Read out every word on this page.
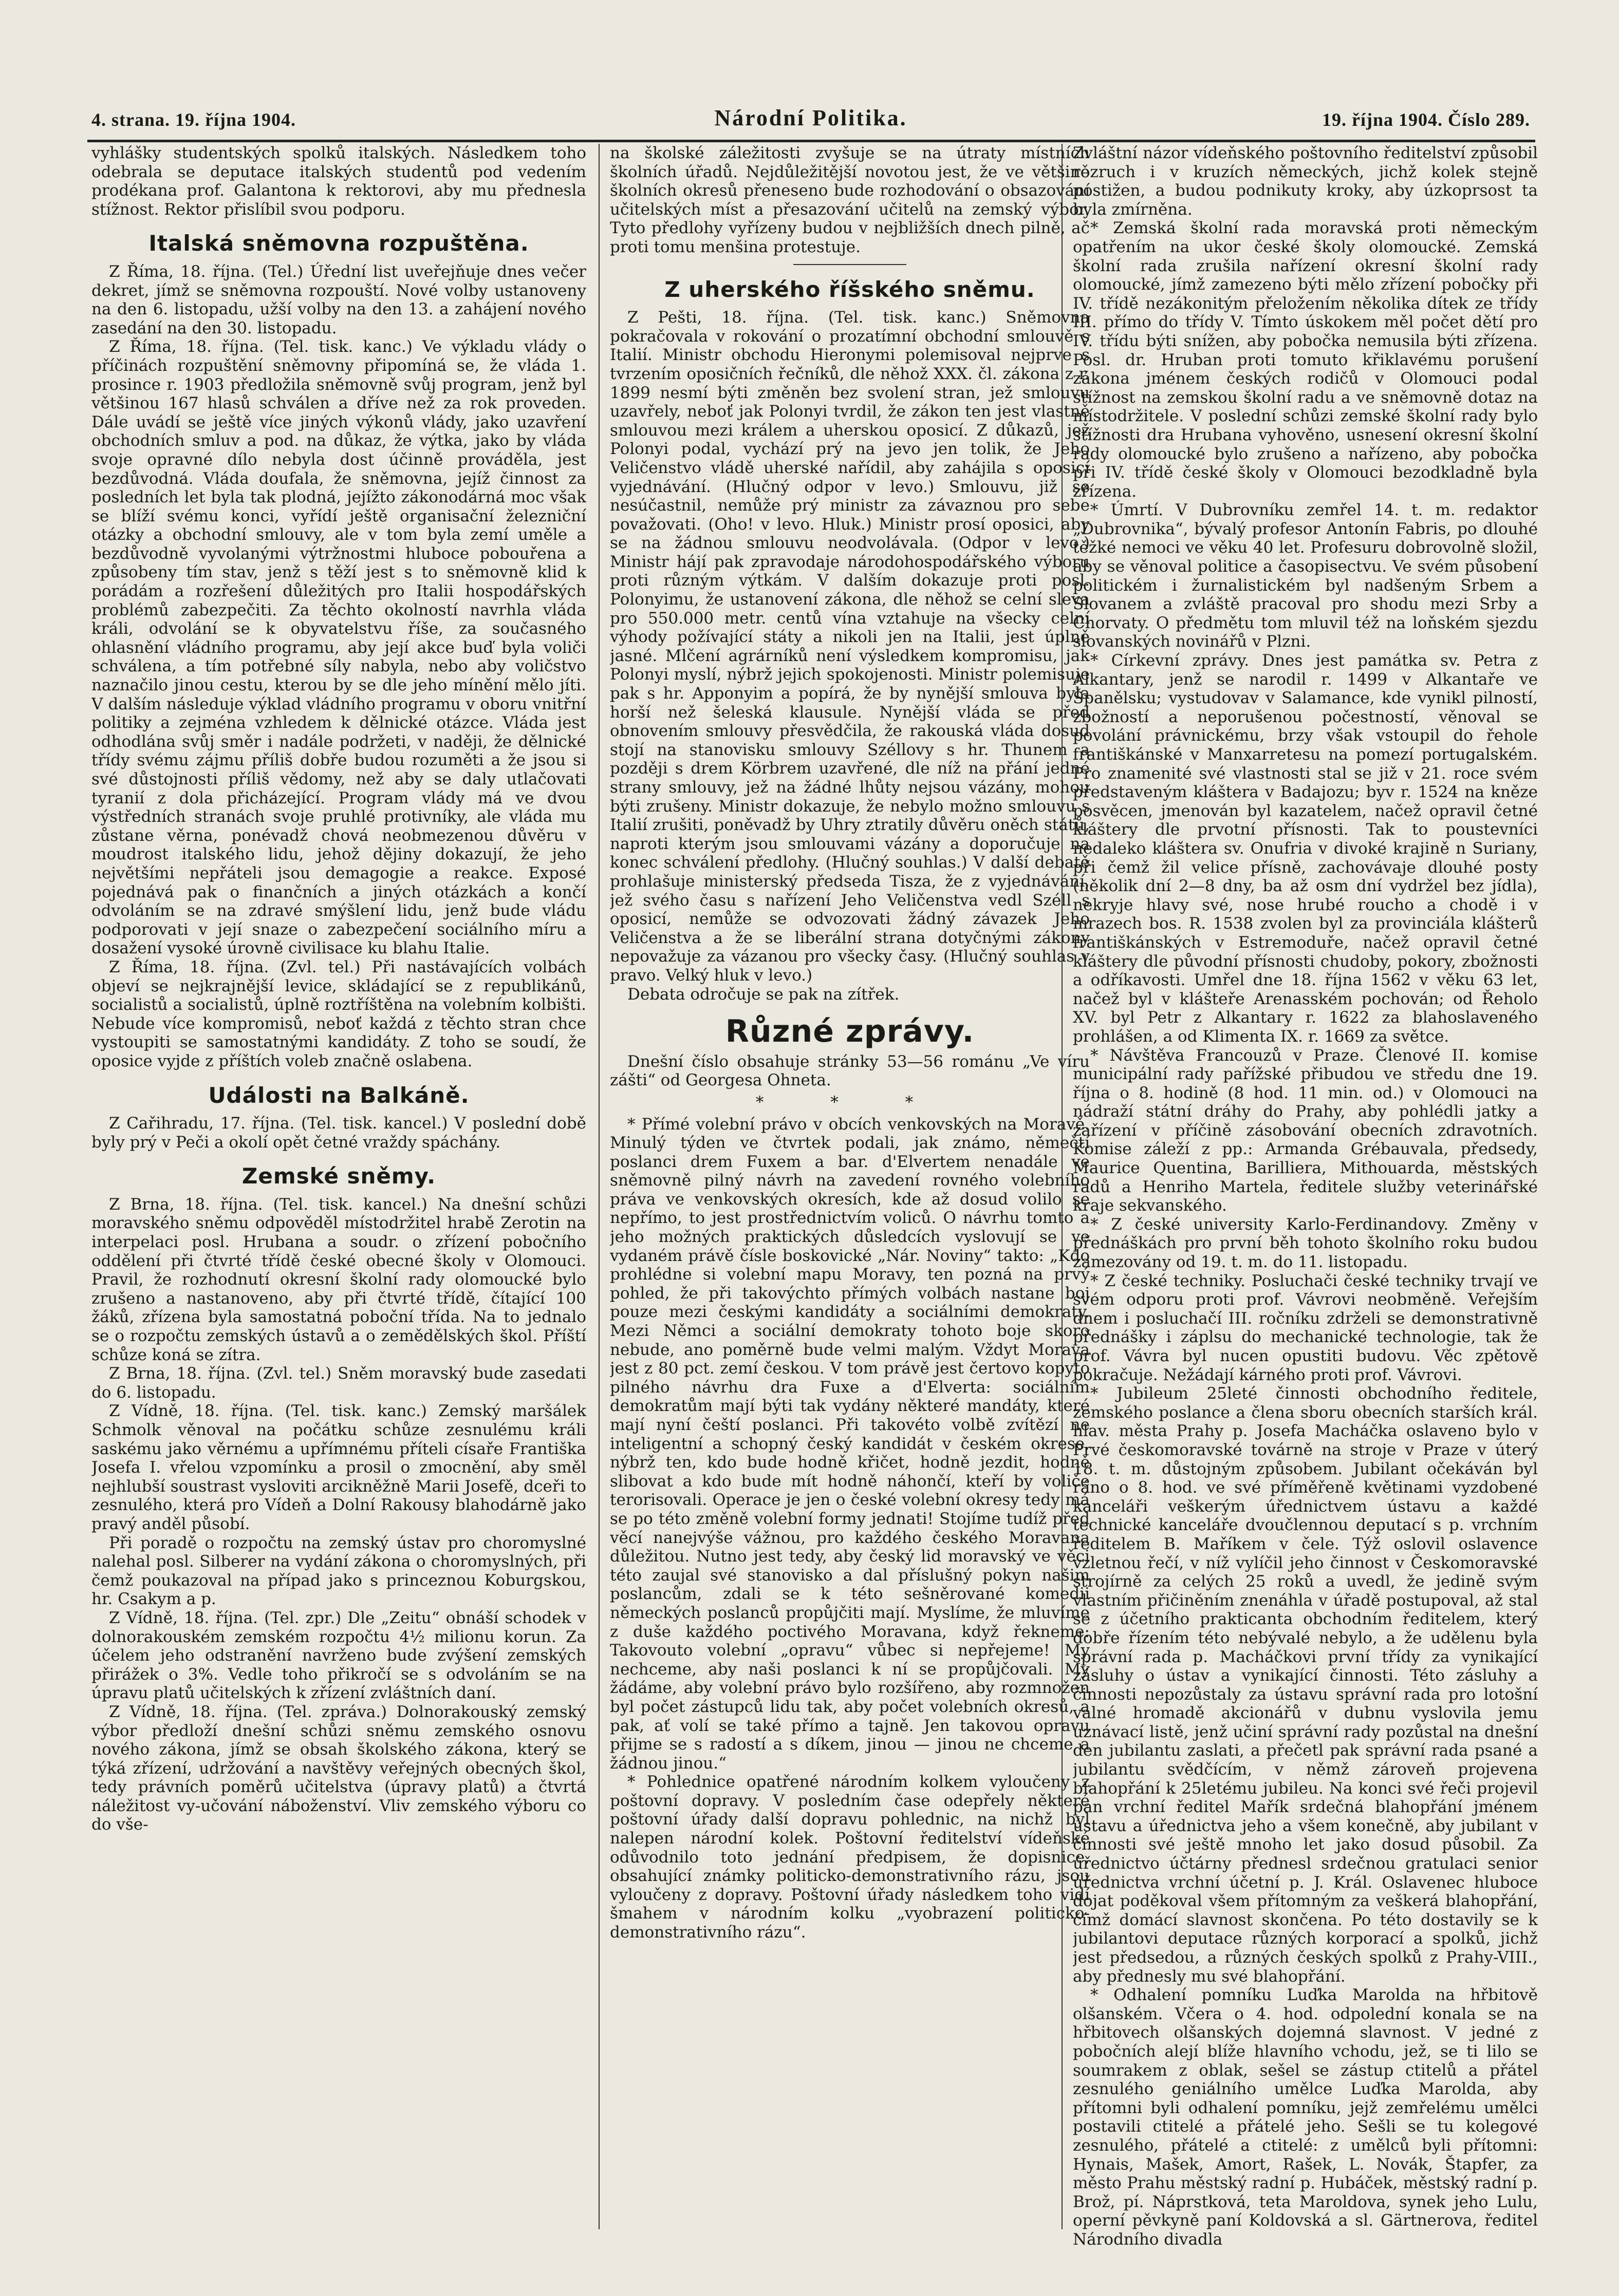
4. strana. 19. října 1904.	Národní Politika.	19. října 1904. Číslo 289.

vyhlášky studentských spolků italských. Následkem toho odebrala se deputace italských studentů pod vedením prodékana prof. Galantona k rektorovi, aby mu přednesla stížnost. Rektor přislíbil svou podporu.

Italská sněmovna rozpuštěna.

Z Říma, 18. října. (Tel.) Úřední list uveřejňuje dnes večer dekret, jímž se sněmovna rozpouští. Nové volby ustanoveny na den 6. listopadu, užší volby na den 13. a zahájení nového zasedání na den 30. listopadu.

Z Říma, 18. října. (Tel. tisk. kanc.) Ve výkladu vlády o příčinách rozpuštění sněmovny připomíná se, že vláda 1. prosince r. 1903 předložila sněmovně svůj program, jenž byl většinou 167 hlasů schválen a dříve než za rok proveden. Dále uvádí se ještě více jiných výkonů vlády, jako uzavření obchodních smluv a pod. na důkaz, že výtka, jako by vláda svoje opravné dílo nebyla dost účinně prováděla, jest bezdůvodná. Vláda doufala, že sněmovna, jejíž činnost za posledních let byla tak plodná, jejížto zákonodárná moc však se blíží svému konci, vyřídí ještě organisační železniční otázky a obchodní smlouvy, ale v tom byla zemí uměle a bezdůvodně vyvolanými výtržnostmi hluboce pobouřena a způsobeny tím stav, jenž s těží jest s to sněmovně klid k porádám a rozřešení důležitých pro Italii hospodářských problémů zabezpečiti. Za těchto okolností navrhla vláda králi, odvolání se k obyvatelstvu říše, za současného ohlasnění vládního programu, aby její akce buď byla voliči schválena, a tím potřebné síly nabyla, nebo aby voličstvo naznačilo jinou cestu, kterou by se dle jeho mínění mělo jíti. V dalším následuje výklad vládního programu v oboru vnitřní politiky a zejména vzhledem k dělnické otázce. Vláda jest odhodlána svůj směr i nadále podržeti, v naději, že dělnické třídy svému zájmu příliš dobře budou rozuměti a že jsou si své důstojnosti příliš vědomy, než aby se daly utlačovati tyranií z dola přicházející. Program vlády má ve dvou výstředních stranách svoje pruhlé protivníky, ale vláda mu zůstane věrna, ponévadž chová neobmezenou důvěru v moudrost italského lidu, jehož dějiny dokazují, že jeho největšími nepřáteli jsou demagogie a reakce. Exposé pojednává pak o finančních a jiných otázkách a končí odvoláním se na zdravé smýšlení lidu, jenž bude vládu podporovati v její snaze o zabezpečení sociálního míru a dosažení vysoké úrovně civilisace ku blahu Italie.

Z Říma, 18. října. (Zvl. tel.) Při nastávajících volbách objeví se nejkrajnější levice, skládající se z republikánů, socialistů a socialistů, úplně roztříštěna na volebním kolbišti. Nebude více kompromisů, neboť každá z těchto stran chce vystoupiti se samostatnými kandidáty. Z toho se soudí, že oposice vyjde z příštích voleb značně oslabena.

Události na Balkáně.

Z Cařihradu, 17. října. (Tel. tisk. kancel.) V poslední době byly prý v Peči a okolí opět četné vraždy spáchány.

Zemské sněmy.

Z Brna, 18. října. (Tel. tisk. kancel.) Na dnešní schůzi moravského sněmu odpověděl místodržitel hrabě Zerotin na interpelaci posl. Hrubana a soudr. o zřízení pobočního oddělení při čtvrté třídě české obecné školy v Olomouci. Pravil, že rozhodnutí okresní školní rady olomoucké bylo zrušeno a nastanoveno, aby při čtvrté třídě, čítající 100 žáků, zřízena byla samostatná poboční třída. Na to jednalo se o rozpočtu zemských ústavů a o zemědělských škol. Příští schůze koná se zítra.

Z Brna, 18. října. (Zvl. tel.) Sněm moravský bude zasedati do 6. listopadu.

Z Vídně, 18. října. (Tel. tisk. kanc.) Zemský maršálek Schmolk věnoval na počátku schůze zesnulému králi saskému jako věrnému a upřímnému příteli císaře Františka Josefa I. vřelou vzpomínku a prosil o zmocnění, aby směl nejhlubší soustrast vysloviti arcikněžně Marii Josefě, dceři to zesnulého, která pro Vídeň a Dolní Rakousy blahodárně jako pravý anděl působí.

Při poradě o rozpočtu na zemský ústav pro choromyslné nalehal posl. Silberer na vydání zákona o choromyslných, při čemž poukazoval na případ jako s princeznou Koburgskou, hr. Csakym a p.

Z Vídně, 18. října. (Tel. zpr.) Dle „Zeitu“ obnáší schodek v dolnorakouském zemském rozpočtu 4½ milionu korun. Za účelem jeho odstranění navrženo bude zvýšení zemských přirážek o 3%. Vedle toho přikročí se s odvoláním se na úpravu platů učitelských k zřízení zvláštních daní.

Z Vídně, 18. října. (Tel. zpráva.) Dolnorakouský zemský výbor předloží dnešní schůzi sněmu zemského osnovu nového zákona, jímž se obsah školského zákona, který se týká zřízení, udržování a navštěvy veřejných obecných škol, tedy právních poměrů učitelstva (úpravy platů) a čtvrtá náležitost vy-učování náboženství. Vliv zemského výboru co do vše-

na školské záležitosti zvyšuje se na útraty místních školních úřadů. Nejdůležitější novotou jest, že ve většině školních okresů přeneseno bude rozhodování o obsazování učitelských míst a přesazování učitelů na zemský výbor. Tyto předlohy vyřízeny budou v nejbližších dnech pilně, ač proti tomu menšina protestuje.

Z uherského říšského sněmu.

Z Pešti, 18. října. (Tel. tisk. kanc.) Sněmovna pokračovala v rokování o prozatímní obchodní smlouvě s Italií. Ministr obchodu Hieronymi polemisoval nejprve s tvrzením oposičních řečníků, dle něhož XXX. čl. zákona z r. 1899 nesmí býti změněn bez svolení stran, jež smlouvu uzavřely, neboť jak Polonyi tvrdil, že zákon ten jest vlastně smlouvou mezi králem a uherskou oposicí. Z důkazů, jež Polonyi podal, vychází prý na jevo jen tolik, že Jeho Veličenstvo vládě uherské nařídil, aby zahájila s oposicí vyjednávání. (Hlučný odpor v levo.) Smlouvu, již se nesúčastnil, nemůže prý ministr za závaznou pro sebe považovati. (Oho! v levo. Hluk.) Ministr prosí oposici, aby se na žádnou smlouvu neodvolávala. (Odpor v levo.) Ministr hájí pak zpravodaje národohospodářského výboru proti různým výtkám. V dalším dokazuje proti posl. Polonyimu, že ustanovení zákona, dle něhož se celní sleva pro 550.000 metr. centů vína vztahuje na všecky celní výhody požívající státy a nikoli jen na Italii, jest úplně jasné. Mlčení agrárníků není výsledkem kompromisu, jak Polonyi myslí, nýbrž jejich spokojenosti. Ministr polemisuje pak s hr. Apponyim a popírá, že by nynější smlouva byla horší než šeleská klausule. Nynější vláda se před obnovením smlouvy přesvědčila, že rakouská vláda dosud stojí na stanovisku smlouvy Széllovy s hr. Thunem a později s drem Körbrem uzavřené, dle níž na přání jedné strany smlouvy, jež na žádné lhůty nejsou vázány, mohou býti zrušeny. Ministr dokazuje, že nebylo možno smlouvu s Italií zrušiti, poněvadž by Uhry ztratily důvěru oněch států, naproti kterým jsou smlouvami vázány a doporučuje na konec schválení předlohy. (Hlučný souhlas.) V další debatě prohlašuje ministerský předseda Tisza, že z vyjednávání, jež svého času s nařízení Jeho Veličenstva vedl Széll s oposicí, nemůže se odvozovati žádný závazek Jeho Veličenstva a že se liberální strana dotyčnými zákony nepovažuje za vázanou pro všecky časy. (Hlučný souhlas v pravo. Velký hluk v levo.)

Debata odročuje se pak na zítřek.

Různé zprávy.

Dnešní číslo obsahuje stránky 53—56 románu „Ve víru zášti“ od Georgesa Ohneta.

* * *

* Přímé volební právo v obcích venkovských na Moravě. Minulý týden ve čtvrtek podali, jak známo, němečtí poslanci drem Fuxem a bar. d'Elvertem nenadále ve sněmovně pilný návrh na zavedení rovného volebního práva ve venkovských okresích, kde až dosud volilo se nepřímo, to jest prostřednictvím voliců. O návrhu tomto a jeho možných praktických důsledcích vyslovují se ve vydaném právě čísle boskovické „Nár. Noviny“ takto: „Kdo prohlédne si volební mapu Moravy, ten pozná na prvý pohled, že při takovýchto přímých volbách nastane boj pouze mezi českými kandidáty a sociálními demokraty. Mezi Němci a sociální demokraty tohoto boje skoro nebude, ano poměrně bude velmi malým. Vždyt Morava jest z 80 pct. zemí českou. V tom právě jest čertovo kopyto pilného návrhu dra Fuxe a d'Elverta: sociálním demokratům mají býti tak vydány některé mandáty, které mají nyní čeští poslanci. Při takovéto volbě zvítězí ne inteligentní a schopný český kandidát v českém okrese, nýbrž ten, kdo bude hodně křičet, hodně jezdit, hodně slibovat a kdo bude mít hodně náhončí, kteří by voliče terorisovali. Operace je jen o české volební okresy tedy má se po této změně volební formy jednati! Stojíme tudíž před věcí nanejvýše vážnou, pro každého českého Moravana důležitou. Nutno jest tedy, aby český lid moravský ve věci této zaujal své stanovisko a dal příslušný pokyn našim poslancům, zdali se k této sešněrované komedii německých poslanců propůjčiti mají. Myslíme, že mluvíme z duše každého poctivého Moravana, když řekneme: Takovouto volební „opravu“ vůbec si nepřejeme! My nechceme, aby naši poslanci k ní se propůjčovali. My žádáme, aby volební právo bylo rozšířeno, aby rozmnožen byl počet zástupců lidu tak, aby počet volebních okresů, a pak, ať volí se také přímo a tajně. Jen takovou opravu přijme se s radostí a s díkem, jinou — jinou ne chceme a žádnou jinou.“

* Pohlednice opatřené národním kolkem vyloučeny z poštovní dopravy. V posledním čase odepřely některé poštovní úřady další dopravu pohlednic, na nichž byl nalepen národní kolek. Poštovní ředitelství vídeňské odůvodnilo toto jednání předpisem, že dopisnice, obsahující známky politicko-demonstrativního rázu, jsou vyloučeny z dopravy. Poštovní úřady následkem toho vidí šmahem v národním kolku „vyobrazení politicko-demonstrativního rázu“.

Zvláštní názor vídeňského poštovního ředitelství způsobil rozruch i v kruzích německých, jichž kolek stejně postižen, a budou podnikuty kroky, aby úzkoprsost ta byla zmírněna.

* Zemská školní rada moravská proti německým opatřením na ukor české školy olomoucké. Zemská školní rada zrušila nařízení okresní školní rady olomoucké, jímž zamezeno býti mělo zřízení pobočky při IV. třídě nezákonitým přeložením několika dítek ze třídy III. přímo do třídy V. Tímto úskokem měl počet dětí pro IV. třídu býti snížen, aby pobočka nemusila býti zřízena. Posl. dr. Hruban proti tomuto křiklavému porušení zákona jménem českých rodičů v Olomouci podal stížnost na zemskou školní radu a ve sněmovně dotaz na místodržitele. V poslední schůzi zemské školní rady bylo stížnosti dra Hrubana vyhověno, usnesení okresní školní rady olomoucké bylo zrušeno a nařízeno, aby pobočka při IV. třídě české školy v Olomouci bezodkladně byla zřízena.

* Úmrtí. V Dubrovníku zemřel 14. t. m. redaktor „Dubrovnika“, bývalý profesor Antonín Fabris, po dlouhé těžké nemoci ve věku 40 let. Profesuru dobrovolně složil, aby se věnoval politice a časopisectvu. Ve svém působení politickém i žurnalistickém byl nadšeným Srbem a Slovanem a zvláště pracoval pro shodu mezi Srby a Chorvaty. O předmětu tom mluvil též na loňském sjezdu slovanských novinářů v Plzni.

* Církevní zprávy. Dnes jest památka sv. Petra z Alkantary, jenž se narodil r. 1499 v Alkantaře ve Španělsku; vystudovav v Salamance, kde vynikl pilností, zbožností a neporušenou počestností, věnoval se povolání právnickému, brzy však vstoupil do řehole františkánské v Manxarretesu na pomezí portugalském. Pro znamenité své vlastnosti stal se již v 21. roce svém představeným kláštera v Badajozu; byv r. 1524 na kněze posvěcen, jmenován byl kazatelem, načež opravil četné kláštery dle prvotní přísnosti. Tak to poustevníci nedaleko kláštera sv. Onufria v divoké krajině n Suriany, při čemž žil velice přísně, zachovávaje dlouhé posty (několik dní 2—8 dny, ba až osm dní vydržel bez jídla), nekryje hlavy své, nose hrubé roucho a chodě i v mrazech bos. R. 1538 zvolen byl za provinciála klášterů františkánských v Estremoduře, načež opravil četné kláštery dle původní přísnosti chudoby, pokory, zbožnosti a odříkavosti. Umřel dne 18. října 1562 v věku 63 let, načež byl v klášteře Arenasském pochován; od Řeholo XV. byl Petr z Alkantary r. 1622 za blahoslaveného prohlášen, a od Klimenta IX. r. 1669 za světce.

* Návštěva Francouzů v Praze. Členové II. komise municipální rady pařížské přibudou ve středu dne 19. října o 8. hodině (8 hod. 11 min. od.) v Olomouci na nádraží státní dráhy do Prahy, aby pohlédli jatky a zařízení v příčině zásobování obecních zdravotních. Komise záleží z pp.: Armanda Grébauvala, předsedy, Maurice Quentina, Barilliera, Mithouarda, městských radů a Henriho Martela, ředitele služby veterinářské kraje sekvanského.

* Z české university Karlo-Ferdinandovy. Změny v přednáškách pro první běh tohoto školního roku budou zamezovány od 19. t. m. do 11. listopadu.

* Z české techniky. Posluchači české techniky trvají ve svém odporu proti prof. Vávrovi neobměně. Veřejším dnem i posluchačí III. ročníku zdrželi se demonstrativně přednášky i záplsu do mechanické technologie, tak že prof. Vávra byl nucen opustiti budovu. Věc zpětově pokračuje. Nežádají kárného proti prof. Vávrovi.

* Jubileum 25leté činnosti obchodního ředitele, zemského poslance a člena sboru obecních starších král. hlav. města Prahy p. Josefa Macháčka oslaveno bylo v Prvé českomoravské továrně na stroje v Praze v úterý 18. t. m. důstojným způsobem. Jubilant očekáván byl ráno o 8. hod. ve své příměřeně květinami vyzdobené kanceláři veškerým úřednictvem ústavu a každé technické kanceláře dvoučlennou deputací s p. vrchním ředitelem B. Maříkem v čele. Týž oslovil oslavence vzletnou řečí, v níž vylíčil jeho činnost v Českomoravské strojírně za celých 25 roků a uvedl, že jedině svým vlastním přičiněním znenáhla v úřadě postupoval, až stal se z účetního prakticanta obchodním ředitelem, který dobře řízením této nebývalé nebylo, a že udělenu byla správní rada p. Macháčkovi první třídy za vynikající zásluhy o ústav a vynikající činnosti. Této zásluhy a činnosti nepozůstaly za ústavu správní rada pro lotošní valné hromadě akcionářů v dubnu vyslovila jemu uznávací listě, jenž učiní správní rady pozůstal na dnešní den jubilantu zaslati, a přečetl pak správní rada psané a jubilantu svědčícím, v němž zároveň projevena blahopřání k 25letému jubileu. Na konci své řeči projevil pan vrchní ředitel Mařík srdečná blahopřání jménem ústavu a úřednictva jeho a všem konečně, aby jubilant v činnosti své ještě mnoho let jako dosud působil. Za úřednictvo účtárny přednesl srdečnou gratulaci senior úřednictva vrchní účetní p. J. Král. Oslavenec hluboce dojat poděkoval všem přítomným za veškerá blahopřání, čímž domácí slavnost skončena. Po této dostavily se k jubilantovi deputace různých korporací a spolků, jichž jest předsedou, a různých českých spolků z Prahy-VIII., aby přednesly mu své blahopřání.

* Odhalení pomníku Luďka Marolda na hřbitově olšanském. Včera o 4. hod. odpolední konala se na hřbitovech olšanských dojemná slavnost. V jedné z pobočních alejí blíže hlavního vchodu, jež, se ti lilo se soumrakem z oblak, sešel se zástup ctitelů a přátel zesnulého geniálního umělce Luďka Marolda, aby přítomni byli odhalení pomníku, jejž zemřelému umělci postavili ctitelé a přátelé jeho. Sešli se tu kolegové zesnulého, přátelé a ctitelé: z umělců byli přítomni: Hynais, Mašek, Amort, Rašek, L. Novák, Štapfer, za město Prahu městský radní p. Hubáček, městský radní p. Brož, pí. Náprstková, teta Maroldova, synek jeho Lulu, operní pěvkyně paní Koldovská a sl. Gärtnerova, ředitel Národního divadla
